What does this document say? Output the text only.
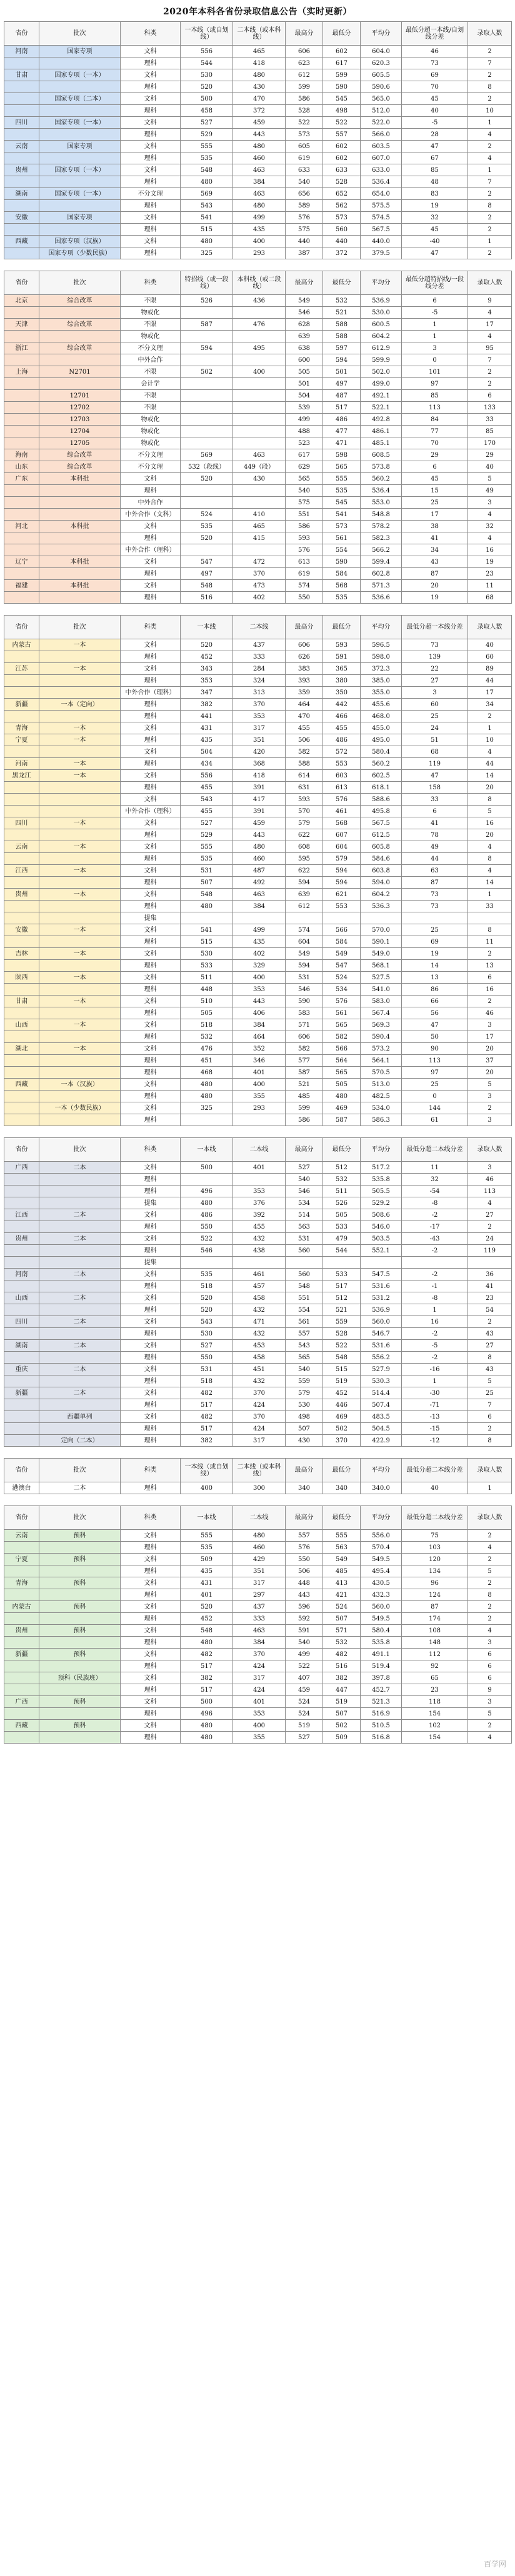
2020年本科各省份录取信息公告（实时更新）
省份	批次	科类	一本线（或自划线）	二本线（或本科线）	最高分	最低分	平均分	最低分超一本线/自划线分差	录取人数
河南	国家专项	文科	556	465	606	602	604.0	46	2
		理科	544	418	623	617	620.3	73	7
甘肃	国家专项（一本）	文科	530	480	612	599	605.5	69	2
		理科	520	430	599	590	590.6	70	8
	国家专项（二本）	文科	500	470	586	545	565.0	45	2
		理科	458	372	528	498	512.0	40	10
四川	国家专项（一本）	文科	527	459	522	522	522.0	-5	1
		理科	529	443	573	557	566.0	28	4
云南	国家专项	文科	555	480	605	602	603.5	47	2
		理科	535	460	619	602	607.0	67	4
贵州	国家专项（一本）	文科	548	463	633	633	633.0	85	1
		理科	480	384	540	528	536.4	48	7
湖南	国家专项（一本）	不分文理	569	463	656	652	654.0	83	2
		理科	543	480	589	562	575.5	19	8
安徽	国家专项	文科	541	499	576	573	574.5	32	2
		理科	515	435	575	560	567.5	45	2
西藏	国家专项（汉族）	文科	480	400	440	440	440.0	-40	1
	国家专项（少数民族）	理科	325	293	387	372	379.5	47	2
省份	批次	科类	特招线（或一段线）	本科线（或二段线）	最高分	最低分	平均分	最低分超特招线/一段线分差	录取人数
北京	综合改革	不限	526	436	549	532	536.9	6	9
		物或化			546	521	530.0	-5	4
天津	综合改革	不限	587	476	628	588	600.5	1	17
		物或化			639	588	604.2	1	4
浙江	综合改革	不分文理	594	495	638	597	612.9	3	95
		中外合作			600	594	599.9	0	7
上海	N2701	不限	502	400	505	501	502.0	101	2
		会计学			501	497	499.0	97	2
	12701	不限			504	487	492.1	85	6
	12702	不限			539	517	522.1	113	133
	12703	物或化			499	486	492.8	84	33
	12704	物或化			488	477	486.1	77	85
	12705	物或化			523	471	485.1	70	170
海南	综合改革	不分文理	569	463	617	598	608.5	29	29
山东	综合改革	不分文理	532（段线）	449（段）	629	565	573.8	6	40
广东	本科批	文科	520	430	565	555	560.2	45	5
		理科			540	535	536.4	15	49
		中外合作			575	545	553.0	25	3
		中外合作（文科）	524	410	551	541	548.8	17	4
河北	本科批	文科	535	465	586	573	578.2	38	32
		理科	520	415	593	561	582.3	41	4
		中外合作（理科）			576	554	566.2	34	16
辽宁	本科批	文科	547	472	613	590	599.4	43	19
		理科	497	370	619	584	602.8	87	23
福建	本科批	文科	548	473	574	568	571.3	20	11
		理科	516	402	550	535	536.6	19	68
省份	批次	科类	一本线	二本线	最高分	最低分	平均分	最低分超一本线分差	录取人数
内蒙古	一本	文科	520	437	606	593	596.5	73	40
		理科	452	333	626	591	598.0	139	60
江苏	一本	文科	343	284	383	365	372.3	22	89
		理科	353	324	393	380	385.0	27	44
		中外合作（理科）	347	313	359	350	355.0	3	17
新疆	一本（定向）	理科	382	370	464	442	455.6	60	34
		理科	441	353	470	466	468.0	25	2
青海	一本	文科	431	317	455	455	455.0	24	1
宁夏	一本	理科	435	351	506	486	495.0	51	10
		文科	504	420	582	572	580.4	68	4
河南	一本	理科	434	368	588	553	560.2	119	44
黑龙江	一本	文科	556	418	614	603	602.5	47	14
		理科	455	391	631	613	618.1	158	20
		文科	543	417	593	576	588.6	33	8
		中外合作（理科）	455	391	570	461	495.8	6	5
四川	一本	文科	527	459	579	568	567.5	41	16
		理科	529	443	622	607	612.5	78	20
云南	一本	文科	555	480	608	604	605.8	49	4
		理科	535	460	595	579	584.6	44	8
江西	一本	文科	531	487	622	594	603.8	63	4
		理科	507	492	594	594	594.0	87	14
贵州	一本	文科	548	463	639	621	604.2	73	1
		理科	480	384	612	553	536.3	73	33
		提集							
安徽	一本	文科	541	499	574	566	570.0	25	8
		理科	515	435	604	584	590.1	69	11
吉林	一本	文科	530	402	549	549	549.0	19	2
		理科	533	329	594	547	568.1	14	13
陕西	一本	文科	511	400	531	524	527.5	13	6
		理科	448	353	546	534	541.0	86	16
甘肃	一本	文科	510	443	590	576	583.0	66	2
		理科	505	406	583	561	567.4	56	46
山西	一本	文科	518	384	571	565	569.3	47	3
		理科	532	464	606	582	590.4	50	17
湖北	一本	文科	476	352	582	566	573.2	90	20
		理科	451	346	577	564	564.1	113	37
		理科	468	401	587	565	570.5	97	20
西藏	一本（汉族）	文科	480	400	521	505	513.0	25	5
		理科	480	355	485	480	482.5	0	3
	一本（少数民族）	文科	325	293	599	469	534.0	144	2
		理科			586	587	586.3	61	3
省份	批次	科类	一本线	二本线	最高分	最低分	平均分	最低分超二本线分差	录取人数
广西	二本	文科	500	401	527	512	517.2	11	3
		理科			540	532	535.8	32	46
		理科	496	353	546	511	505.5	-54	113
		提集	480	376	534	526	529.2	-8	4
江西	二本	文科	486	392	514	505	508.6	-2	27
		理科	550	455	563	533	546.0	-17	2
贵州	二本	文科	522	432	531	479	503.5	-43	24
		理科	546	438	560	544	552.1	-2	119
		提集							
河南	二本	文科	535	461	560	533	547.5	-2	36
		理科	518	457	548	517	531.6	-1	41
山西	二本	文科	520	458	551	512	531.2	-8	23
		理科	520	432	554	521	536.9	1	54
四川	二本	文科	543	471	561	559	560.0	16	2
		理科	530	432	557	528	546.7	-2	43
湖南	二本	文科	527	453	543	522	531.6	-5	27
		理科	550	458	565	548	556.2	-2	8
重庆	二本	文科	531	451	540	515	527.9	-16	43
		理科	518	432	559	519	530.3	1	5
新疆	二本	文科	482	370	579	452	514.4	-30	25
		理科	517	424	530	446	507.4	-71	7
	西疆单列	文科	482	370	498	469	483.5	-13	6
		理科	517	424	507	502	504.5	-15	2
	定向（二本）	理科	382	317	430	370	422.9	-12	8
省份	批次	科类	一本线（或自划线）	二本线（或本科线）	最高分	最低分	平均分	最低分超二本线分差	录取人数
港澳台	二本	理科	400	300	340	340	340.0	40	1
省份	批次	科类	一本线	二本线	最高分	最低分	平均分	最低分超二本线分差	录取人数
云南	预科	文科	555	480	557	555	556.0	75	2
		理科	535	460	576	563	570.4	103	4
宁夏	预科	文科	509	429	550	549	549.5	120	2
		理科	435	351	506	485	495.4	134	5
青海	预科	文科	431	317	448	413	430.5	96	2
		理科	401	297	443	421	432.3	124	8
内蒙古	预科	文科	520	437	596	524	560.0	87	2
		理科	452	333	592	507	549.5	174	2
贵州	预科	文科	548	463	591	571	580.4	108	4
		理科	480	384	540	532	535.8	148	3
新疆	预科	文科	482	370	499	482	491.1	112	6
		理科	517	424	522	516	519.4	92	6
	预科（民族班）	文科	382	317	407	382	397.8	65	6
		理科	517	424	459	447	452.7	23	9
广西	预科	文科	500	401	524	519	521.3	118	3
		理科	496	353	524	507	516.9	154	5
西藏	预科	文科	480	400	519	502	510.5	102	2
		理科	480	355	527	509	516.8	154	4
百学网
